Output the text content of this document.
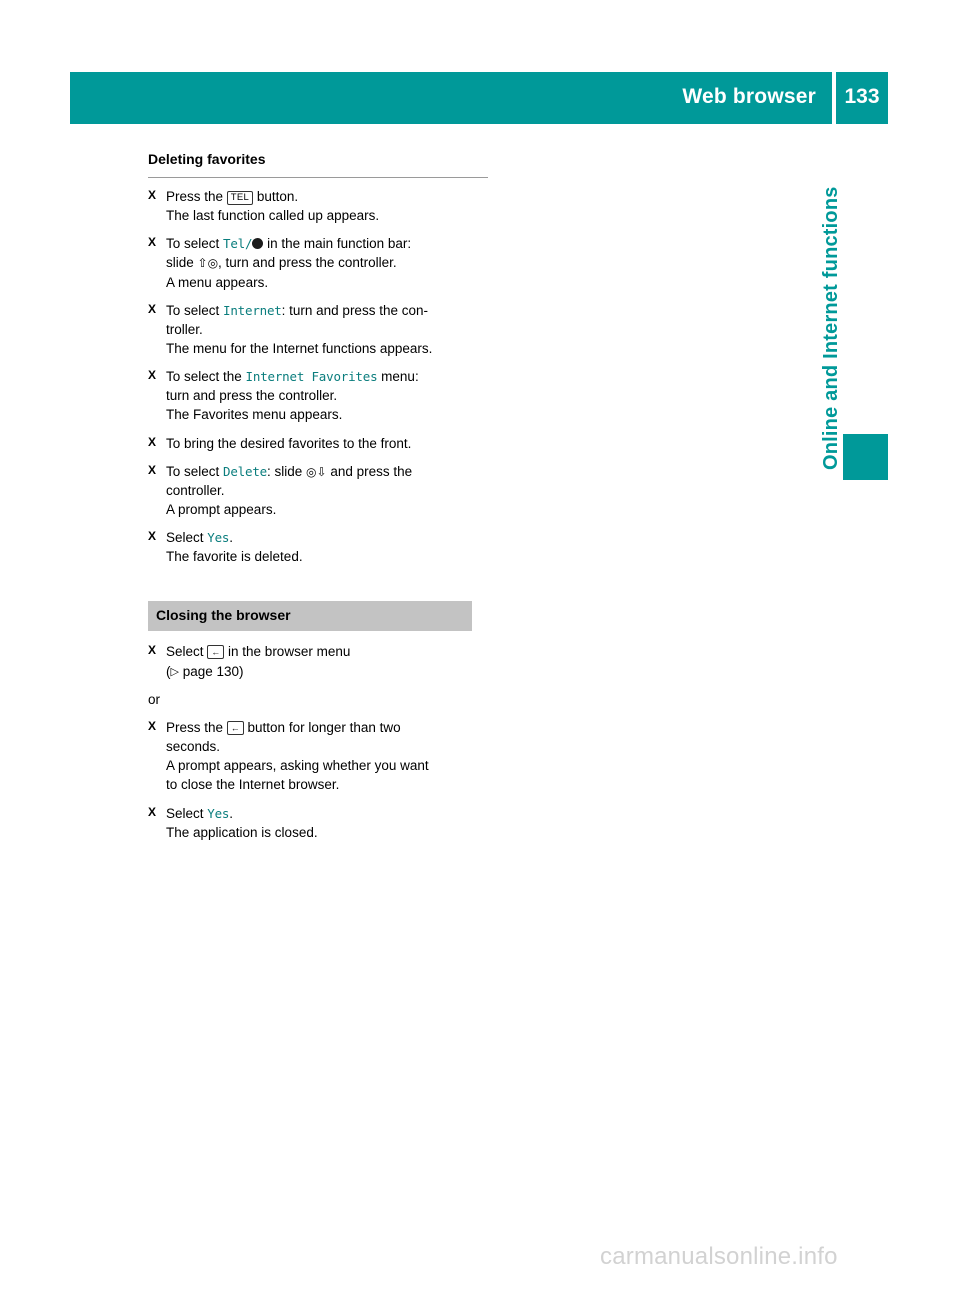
Web browser	133
Online and Internet functions
Deleting favorites
X Press the TEL button.
The last function called up appears.
X To select Tel/ in the main function bar:
slide ⇧◎, turn and press the controller.
A menu appears.
X To select Internet: turn and press the con-
troller.
The menu for the Internet functions appears.
X To select the Internet Favorites menu:
turn and press the controller.
The Favorites menu appears.
X To bring the desired favorites to the front.
X To select Delete: slide ◎⇩ and press the
controller.
A prompt appears.
X Select Yes.
The favorite is deleted.
Closing the browser
X Select ← in the browser menu
(▷ page 130)
or
X Press the ← button for longer than two
seconds.
A prompt appears, asking whether you want
to close the Internet browser.
X Select Yes.
The application is closed.
carmanualsonline.info
